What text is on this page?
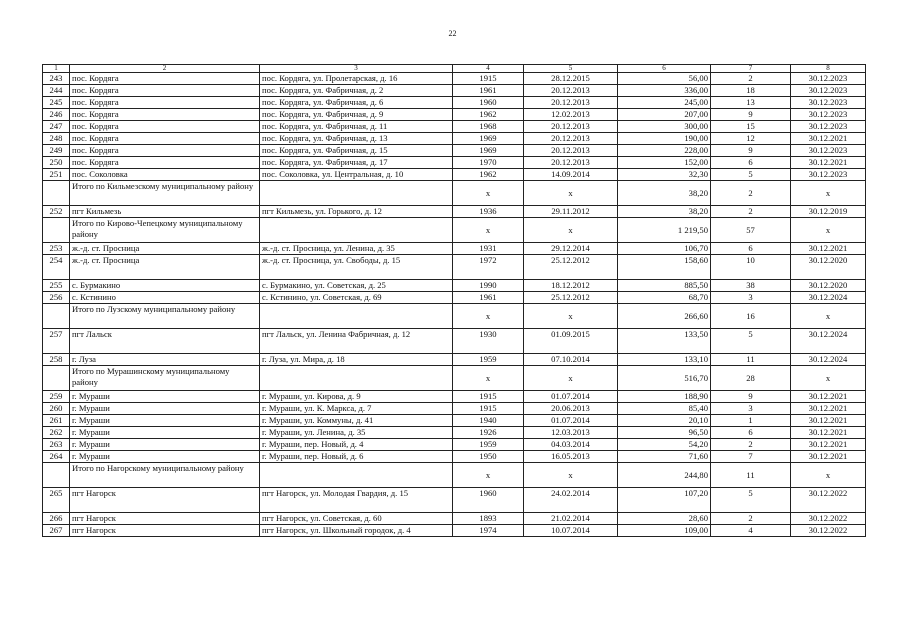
22
1	2	3	4	5	6	7	8
243	пос. Кордяга	пос. Кордяга, ул. Пролетарская, д. 16	1915	28.12.2015	56,00	2	30.12.2023
244	пос. Кордяга	пос. Кордяга, ул. Фабричная, д. 2	1961	20.12.2013	336,00	18	30.12.2023
245	пос. Кордяга	пос. Кордяга, ул. Фабричная, д. 6	1960	20.12.2013	245,00	13	30.12.2023
246	пос. Кордяга	пос. Кордяга, ул. Фабричная, д. 9	1962	12.02.2013	207,00	9	30.12.2023
247	пос. Кордяга	пос. Кордяга, ул. Фабричная, д. 11	1968	20.12.2013	300,00	15	30.12.2023
248	пос. Кордяга	пос. Кордяга, ул. Фабричная, д. 13	1969	20.12.2013	190,00	12	30.12.2021
249	пос. Кордяга	пос. Кордяга, ул. Фабричная, д. 15	1969	20.12.2013	228,00	9	30.12.2023
250	пос. Кордяга	пос. Кордяга, ул. Фабричная, д. 17	1970	20.12.2013	152,00	6	30.12.2021
251	пос. Соколовка	пос. Соколовка, ул. Центральная, д. 10	1962	14.09.2014	32,30	5	30.12.2023
	Итого по Кильмезскому муниципальному району		x	x	38,20	2	x
252	пгт Кильмезь	пгт Кильмезь, ул. Горького, д. 12	1936	29.11.2012	38,20	2	30.12.2019
	Итого по Кирово-Чепецкому муниципальному району		x	x	1 219,50	57	x
253	ж.-д. ст. Просница	ж.-д. ст. Просница, ул. Ленина, д. 35	1931	29.12.2014	106,70	6	30.12.2021
254	ж.-д. ст. Просница	ж.-д. ст. Просница, ул. Свободы, д. 15	1972	25.12.2012	158,60	10	30.12.2020
255	с. Бурмакино	с. Бурмакино, ул. Советская, д. 25	1990	18.12.2012	885,50	38	30.12.2020
256	с. Кстинино	с. Кстинино, ул. Советская, д. 69	1961	25.12.2012	68,70	3	30.12.2024
	Итого по Лузскому муниципальному району		x	x	266,60	16	x
257	пгт Лальск	пгт Лальск, ул. Ленина Фабричная, д. 12	1930	01.09.2015	133,50	5	30.12.2024
258	г. Луза	г. Луза, ул. Мира, д. 18	1959	07.10.2014	133,10	11	30.12.2024
	Итого по Мурашинскому муниципальному району		x	x	516,70	28	x
259	г. Мураши	г. Мураши, ул. Кирова, д. 9	1915	01.07.2014	188,90	9	30.12.2021
260	г. Мураши	г. Мураши, ул. К. Маркса, д. 7	1915	20.06.2013	85,40	3	30.12.2021
261	г. Мураши	г. Мураши, ул. Коммуны, д. 41	1940	01.07.2014	20,10	1	30.12.2021
262	г. Мураши	г. Мураши, ул. Ленина, д. 35	1926	12.03.2013	96,50	6	30.12.2021
263	г. Мураши	г. Мураши, пер. Новый, д. 4	1959	04.03.2014	54,20	2	30.12.2021
264	г. Мураши	г. Мураши, пер. Новый, д. 6	1950	16.05.2013	71,60	7	30.12.2021
	Итого по Нагорскому муниципальному району		x	x	244,80	11	x
265	пгт Нагорск	пгт Нагорск, ул. Молодая Гвардия, д. 15	1960	24.02.2014	107,20	5	30.12.2022
266	пгт Нагорск	пгт Нагорск, ул. Советская, д. 60	1893	21.02.2014	28,60	2	30.12.2022
267	пгт Нагорск	пгт Нагорск, ул. Школьный городок, д. 4	1974	10.07.2014	109,00	4	30.12.2022
